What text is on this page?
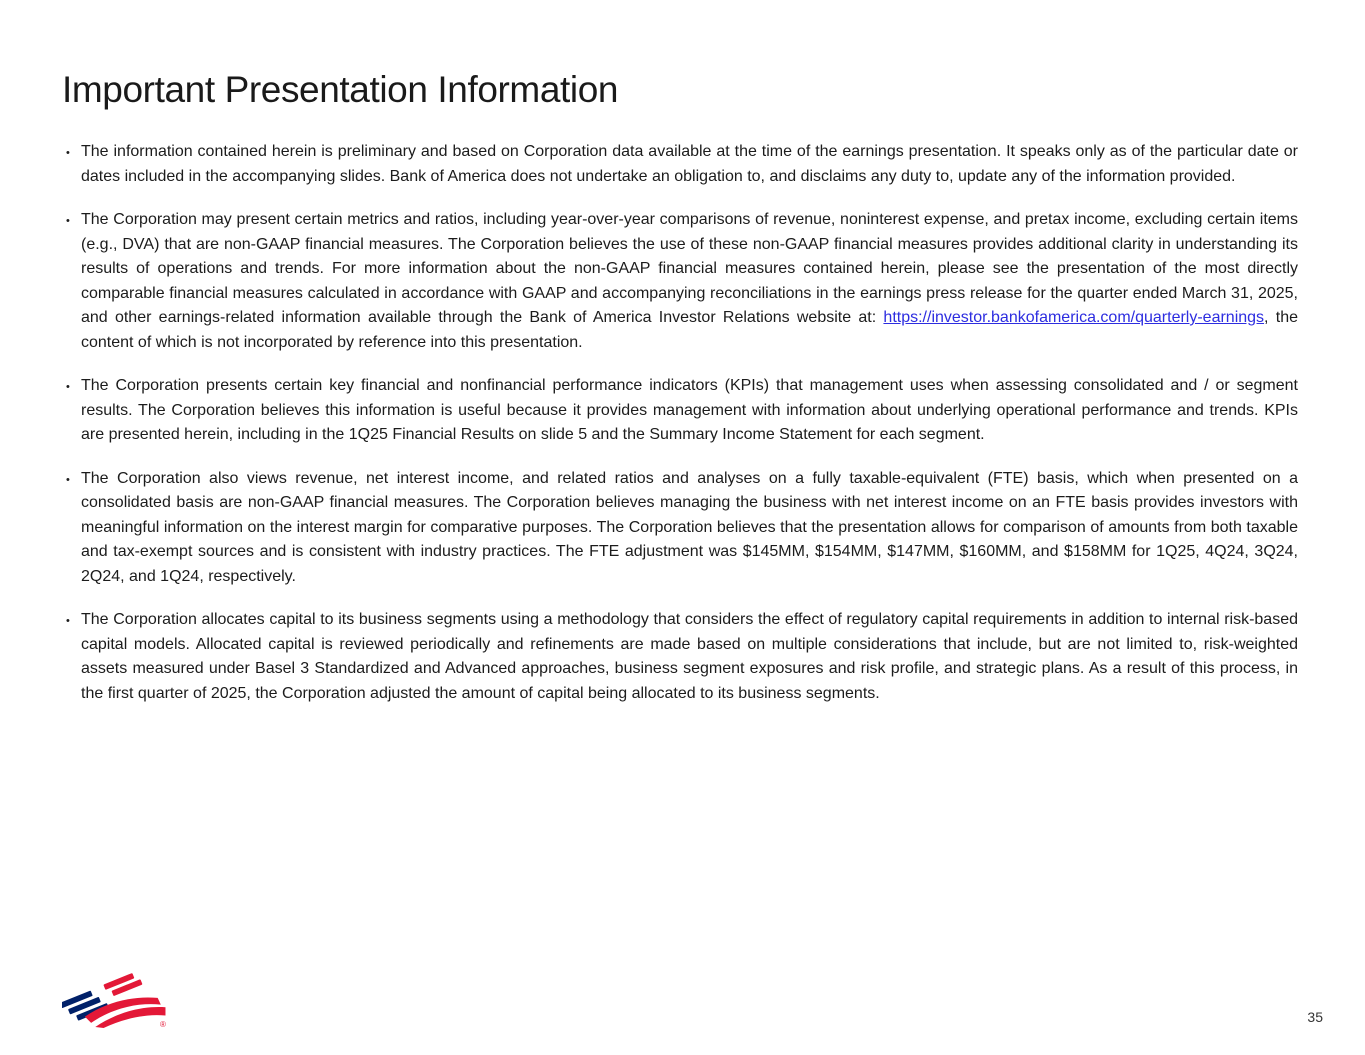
Important Presentation Information
• The information contained herein is preliminary and based on Corporation data available at the time of the earnings presentation. It speaks only as of the particular date or dates included in the accompanying slides. Bank of America does not undertake an obligation to, and disclaims any duty to, update any of the information provided.
• The Corporation may present certain metrics and ratios, including year-over-year comparisons of revenue, noninterest expense, and pretax income, excluding certain items (e.g., DVA) that are non-GAAP financial measures. The Corporation believes the use of these non-GAAP financial measures provides additional clarity in understanding its results of operations and trends. For more information about the non-GAAP financial measures contained herein, please see the presentation of the most directly comparable financial measures calculated in accordance with GAAP and accompanying reconciliations in the earnings press release for the quarter ended March 31, 2025, and other earnings-related information available through the Bank of America Investor Relations website at: https://investor.bankofamerica.com/quarterly-earnings, the content of which is not incorporated by reference into this presentation.
• The Corporation presents certain key financial and nonfinancial performance indicators (KPIs) that management uses when assessing consolidated and / or segment results. The Corporation believes this information is useful because it provides management with information about underlying operational performance and trends. KPIs are presented herein, including in the 1Q25 Financial Results on slide 5 and the Summary Income Statement for each segment.
• The Corporation also views revenue, net interest income, and related ratios and analyses on a fully taxable-equivalent (FTE) basis, which when presented on a consolidated basis are non-GAAP financial measures. The Corporation believes managing the business with net interest income on an FTE basis provides investors with meaningful information on the interest margin for comparative purposes. The Corporation believes that the presentation allows for comparison of amounts from both taxable and tax-exempt sources and is consistent with industry practices. The FTE adjustment was $145MM, $154MM, $147MM, $160MM, and $158MM for 1Q25, 4Q24, 3Q24, 2Q24, and 1Q24, respectively.
• The Corporation allocates capital to its business segments using a methodology that considers the effect of regulatory capital requirements in addition to internal risk-based capital models. Allocated capital is reviewed periodically and refinements are made based on multiple considerations that include, but are not limited to, risk-weighted assets measured under Basel 3 Standardized and Advanced approaches, business segment exposures and risk profile, and strategic plans. As a result of this process, in the first quarter of 2025, the Corporation adjusted the amount of capital being allocated to its business segments.
®	35
